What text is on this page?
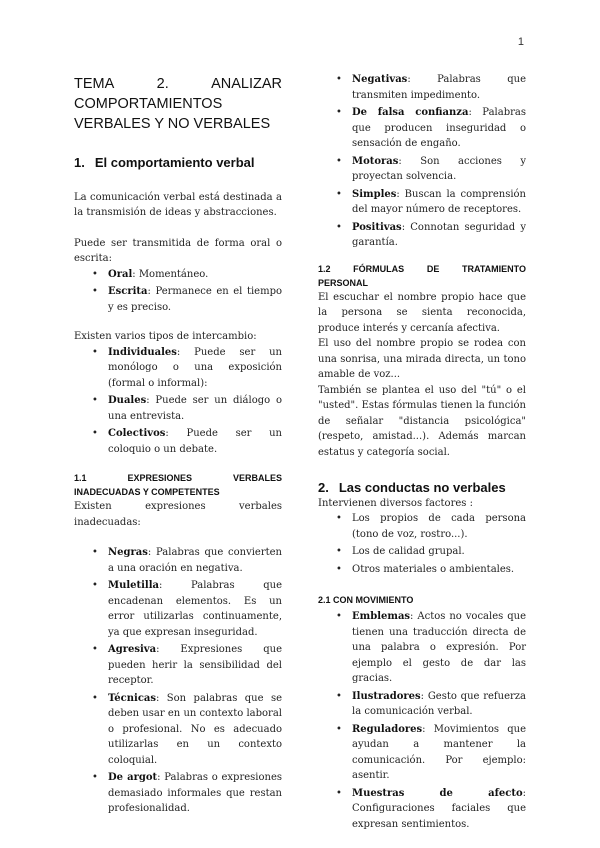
1
TEMA	2.	ANALIZAR
COMPORTAMIENTOS
VERBALES Y NO VERBALES
1. El comportamiento verbal

La comunicación verbal está destinada a la transmisión de ideas y abstracciones.

Puede ser transmitida de forma oral o escrita:

• Oral: Momentáneo.
• Escrita: Permanece en el tiempo y es preciso.

Existen varios tipos de intercambio:

• Individuales: Puede ser un monólogo o una exposición (formal o informal):
• Duales: Puede ser un diálogo o una entrevista.
• Colectivos: Puede ser un coloquio o un debate.
1.1	EXPRESIONES	VERBALES
INADECUADAS Y COMPETENTES

Existen expresiones verbales inadecuadas:

• Negras: Palabras que convierten a una oración en negativa.
• Muletilla: Palabras que encadenan elementos. Es un error utilizarlas continuamente, ya que expresan inseguridad.
• Agresiva: Expresiones que pueden herir la sensibilidad del receptor.
• Técnicas: Son palabras que se deben usar en un contexto laboral o profesional. No es adecuado utilizarlas en un contexto coloquial.
• De argot: Palabras o expresiones demasiado informales que restan profesionalidad.
• Negativas: Palabras que transmiten impedimento.
• De falsa confianza: Palabras que producen inseguridad o sensación de engaño.
• Motoras: Son acciones y proyectan solvencia.
• Simples: Buscan la comprensión del mayor número de receptores.
• Positivas: Connotan seguridad y garantía.
1.2	FÓRMULAS	DE	TRATAMIENTO
PERSONAL

El escuchar el nombre propio hace que la persona se sienta reconocida, produce interés y cercanía afectiva.

El uso del nombre propio se rodea con una sonrisa, una mirada directa, un tono amable de voz...

También se plantea el uso del "tú" o el "usted". Estas fórmulas tienen la función de señalar "distancia psicológica" (respeto, amistad...). Además marcan estatus y categoría social.

2. Las conductas no verbales

Intervienen diversos factores :

• Los propios de cada persona (tono de voz, rostro...).
• Los de calidad grupal.
• Otros materiales o ambientales.
2.1 CON MOVIMIENTO
• Emblemas: Actos no vocales que tienen una traducción directa de una palabra o expresión. Por ejemplo el gesto de dar las gracias.
• Ilustradores: Gesto que refuerza la comunicación verbal.
• Reguladores: Movimientos que ayudan a mantener la comunicación. Por ejemplo: asentir.
• Muestras de afecto: Configuraciones faciales que expresan sentimientos.
